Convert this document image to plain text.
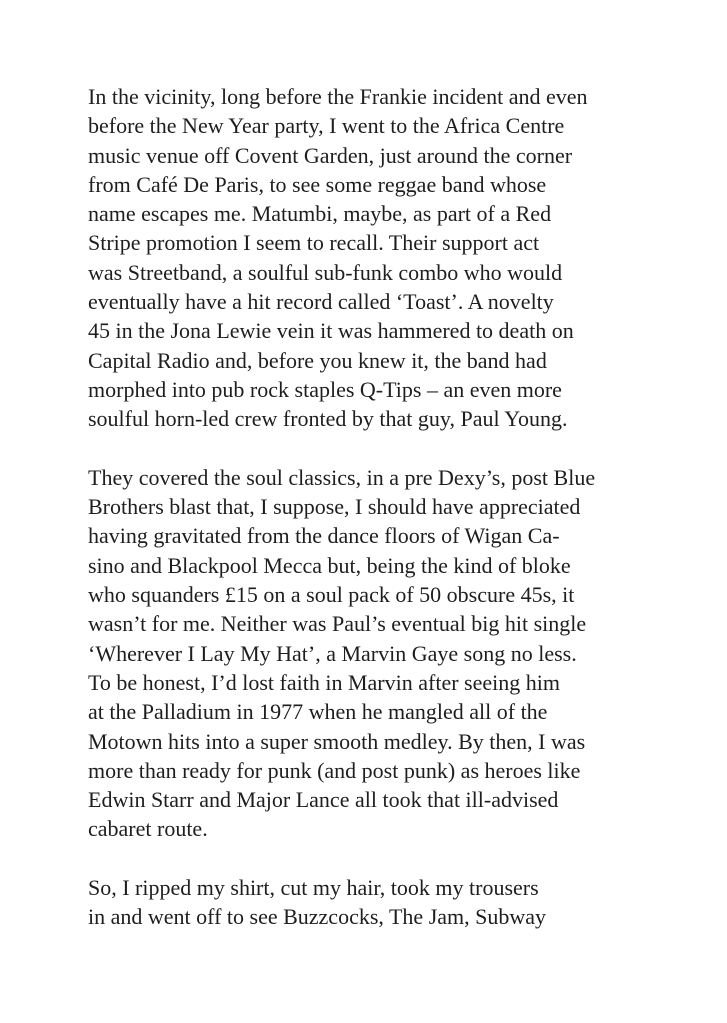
In the vicinity, long before the Frankie incident and even
before the New Year party, I went to the Africa Centre
music venue off Covent Garden, just around the corner
from Café De Paris, to see some reggae band whose
name escapes me. Matumbi, maybe, as part of a Red
Stripe promotion I seem to recall. Their support act
was Streetband, a soulful sub-funk combo who would
eventually have a hit record called ‘Toast’. A novelty
45 in the Jona Lewie vein it was hammered to death on
Capital Radio and, before you knew it, the band had
morphed into pub rock staples Q-Tips – an even more
soulful horn-led crew fronted by that guy, Paul Young.
They covered the soul classics, in a pre Dexy’s, post Blue
Brothers blast that, I suppose, I should have appreciated
having gravitated from the dance floors of Wigan Ca-
sino and Blackpool Mecca but, being the kind of bloke
who squanders £15 on a soul pack of 50 obscure 45s, it
wasn’t for me. Neither was Paul’s eventual big hit single
‘Wherever I Lay My Hat’, a Marvin Gaye song no less.
To be honest, I’d lost faith in Marvin after seeing him
at the Palladium in 1977 when he mangled all of the
Motown hits into a super smooth medley. By then, I was
more than ready for punk (and post punk) as heroes like
Edwin Starr and Major Lance all took that ill-advised
cabaret route.
So, I ripped my shirt, cut my hair, took my trousers
in and went off to see Buzzcocks, The Jam, Subway
